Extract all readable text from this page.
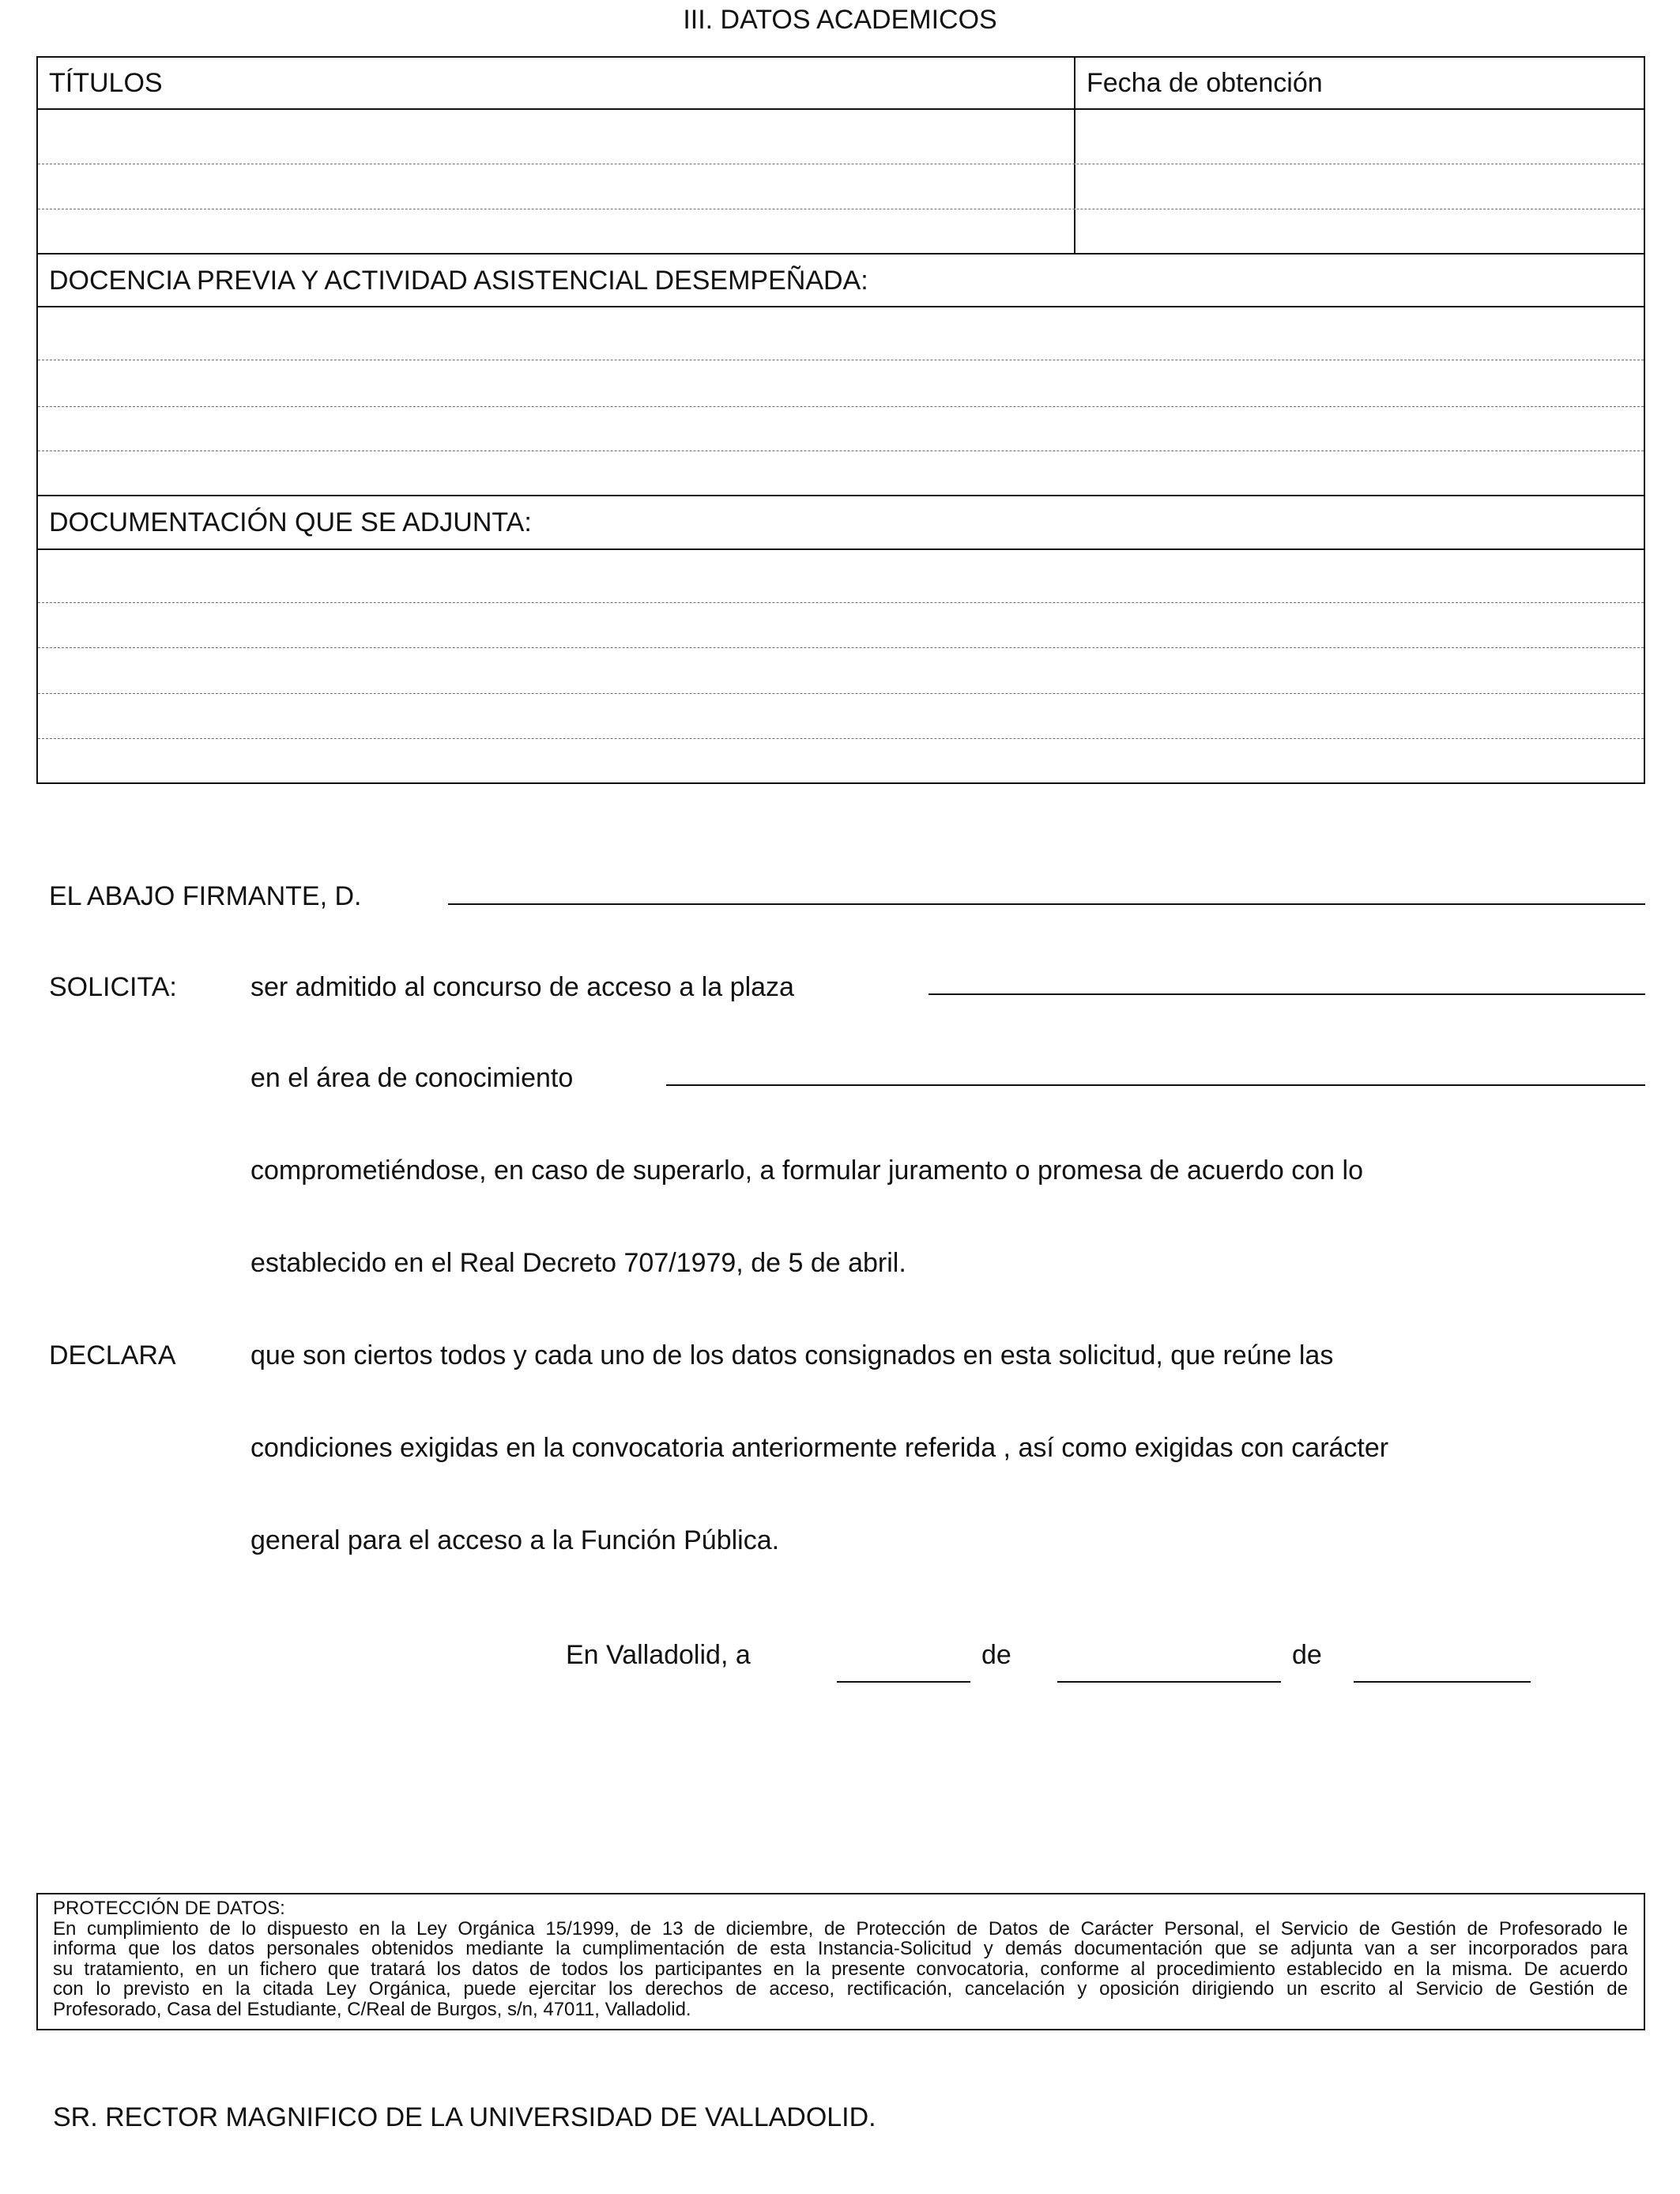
III. DATOS ACADEMICOS
TÍTULOS	Fecha de obtención
DOCENCIA PREVIA Y ACTIVIDAD ASISTENCIAL DESEMPEÑADA:
DOCUMENTACIÓN QUE SE ADJUNTA:
EL ABAJO FIRMANTE, D.
SOLICITA:	ser admitido al concurso de acceso a la plaza
en el área de conocimiento
comprometiéndose, en caso de superarlo, a formular juramento o promesa de acuerdo con lo
establecido en el Real Decreto 707/1979, de 5 de abril.
DECLARA	que son ciertos todos y cada uno de los datos consignados en esta solicitud, que reúne las
condiciones exigidas en la convocatoria anteriormente referida , así como exigidas con carácter
general para el acceso a la Función Pública.
En Valladolid, a	de	de
PROTECCIÓN DE DATOS:
En cumplimiento de lo dispuesto en la Ley Orgánica 15/1999, de 13 de diciembre, de Protección de Datos de Carácter Personal, el Servicio de Gestión de Profesorado le
informa que los datos personales obtenidos mediante la cumplimentación de esta Instancia-Solicitud y demás documentación que se adjunta van a ser incorporados para
su tratamiento, en un fichero que tratará los datos de todos los participantes en la presente convocatoria, conforme al procedimiento establecido en la misma. De acuerdo
con lo previsto en la citada Ley Orgánica, puede ejercitar los derechos de acceso, rectificación, cancelación y oposición dirigiendo un escrito al Servicio de Gestión de
Profesorado, Casa del Estudiante, C/Real de Burgos, s/n, 47011, Valladolid.
SR. RECTOR MAGNIFICO DE LA UNIVERSIDAD DE VALLADOLID.
